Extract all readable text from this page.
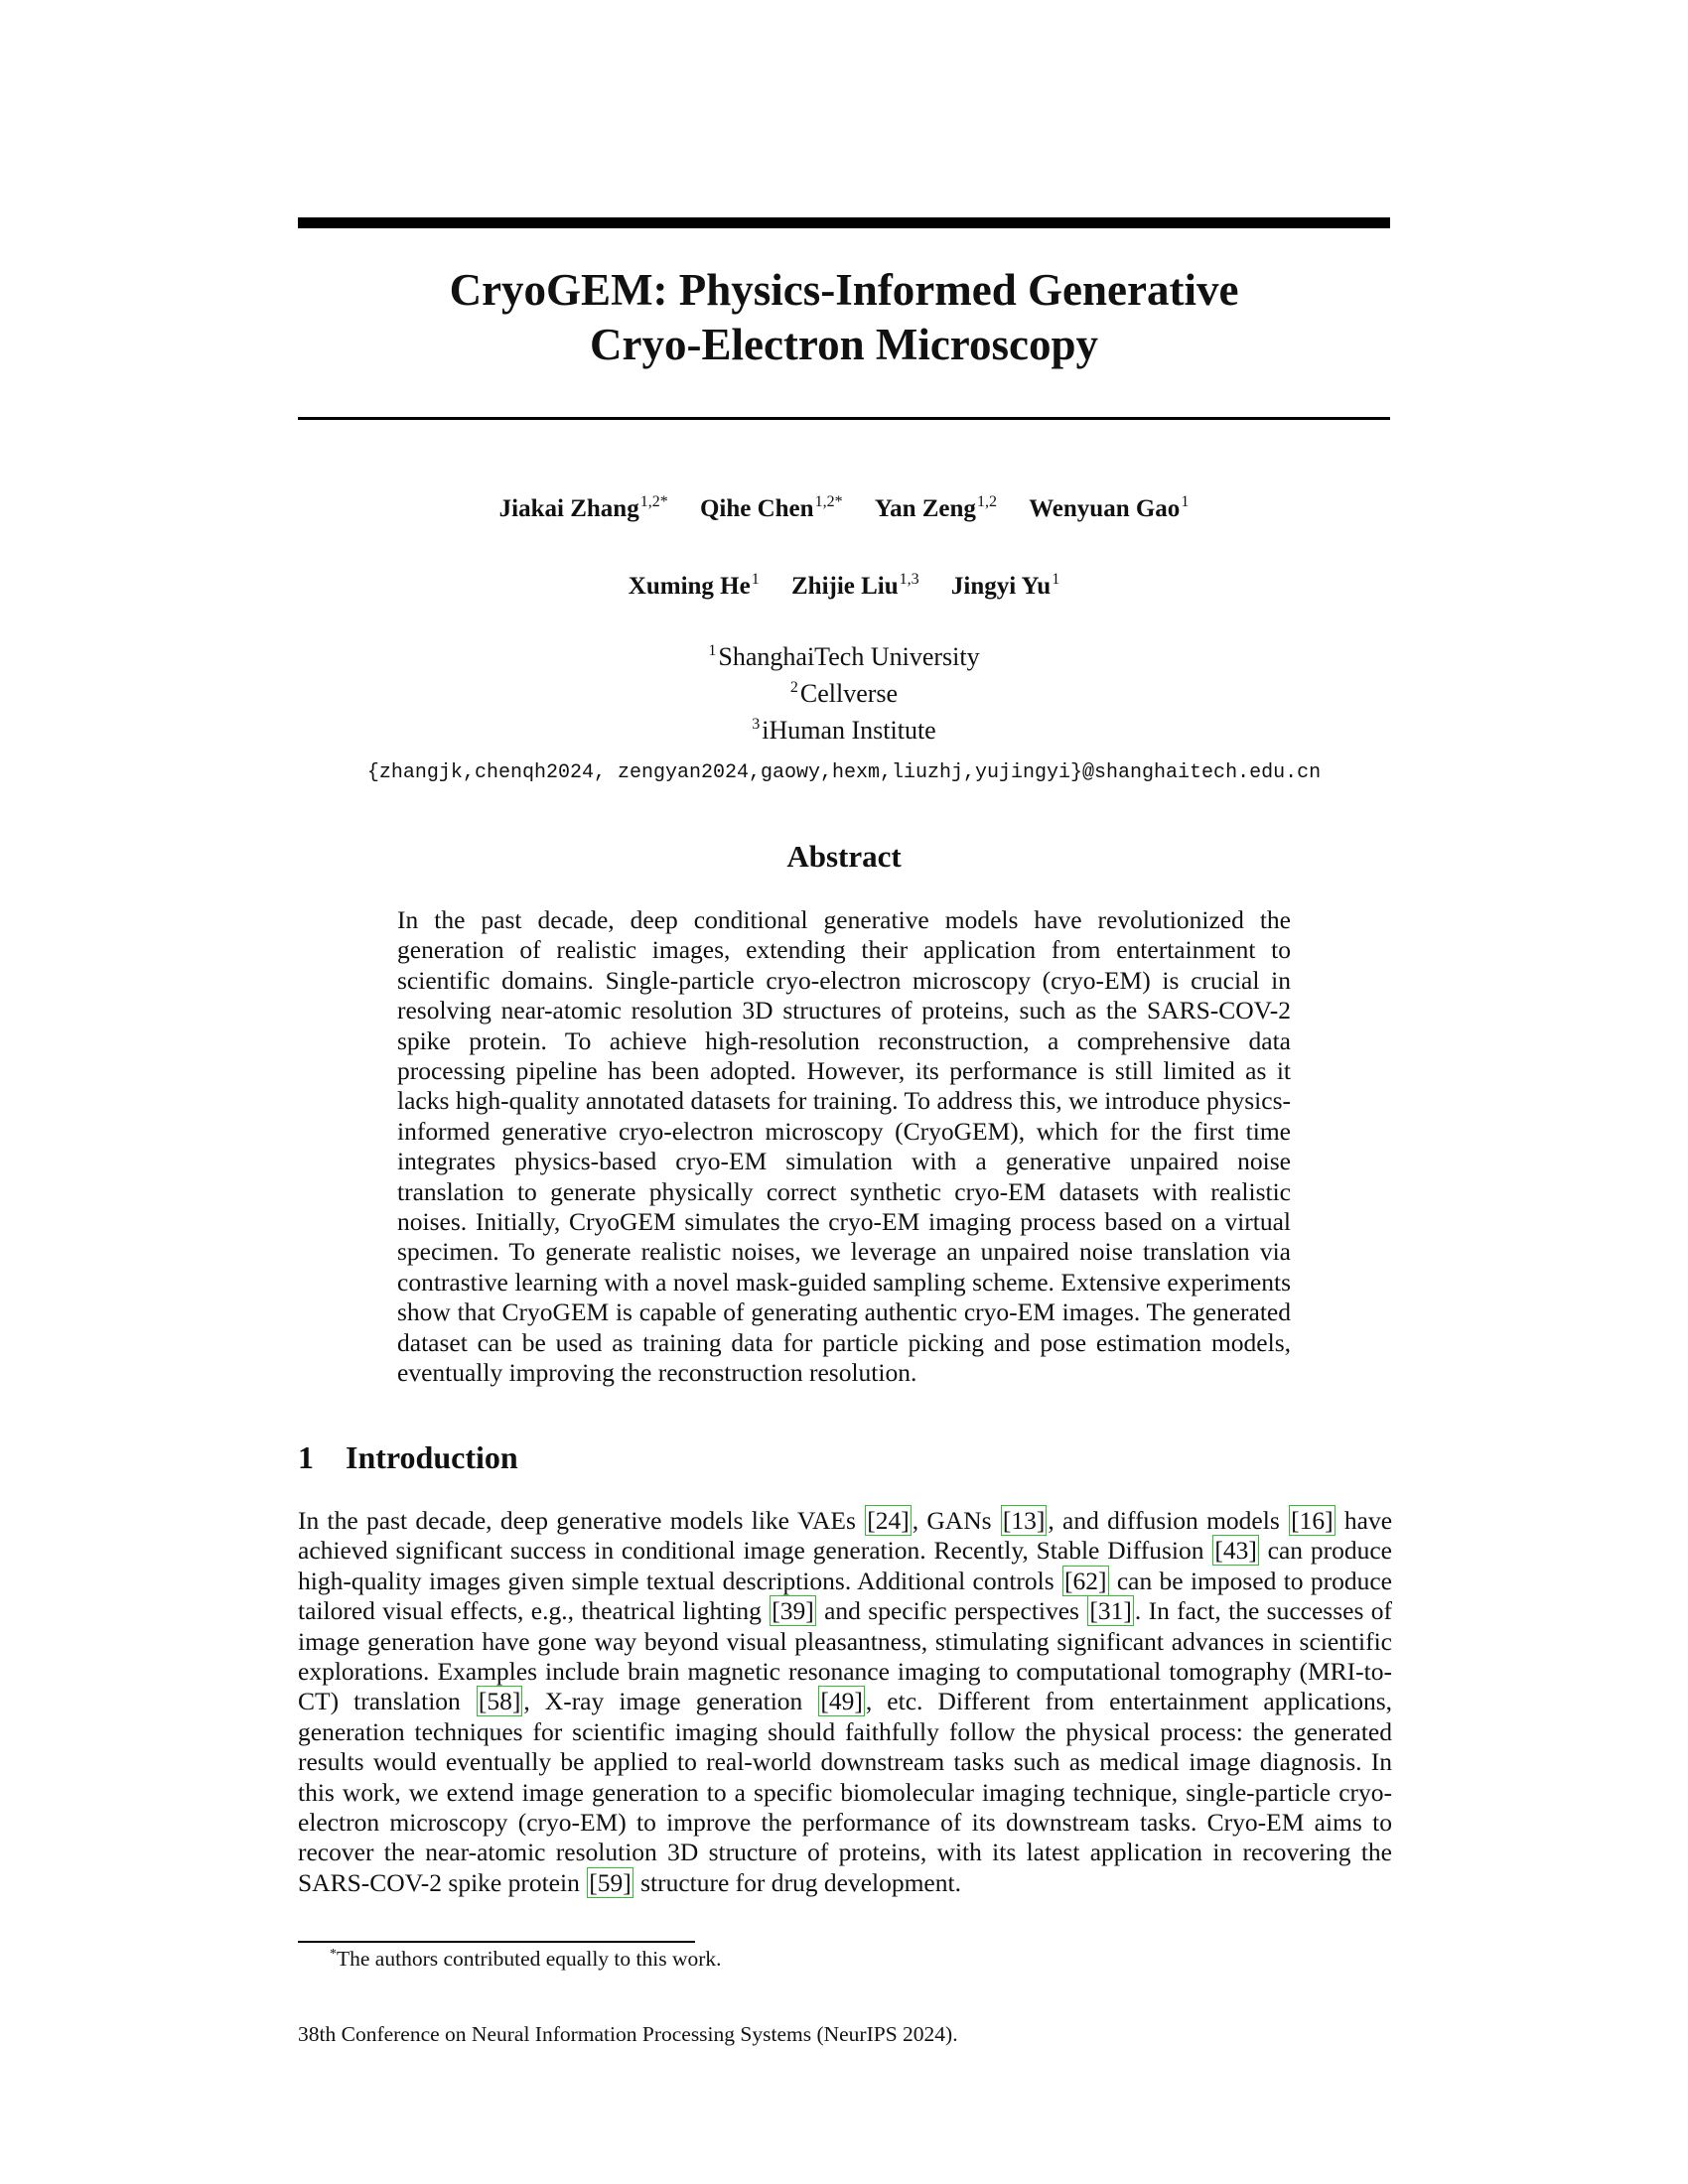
CryoGEM: Physics-Informed Generative
Cryo-Electron Microscopy
Jiakai Zhang$^{1,2*}$ Qihe Chen$^{1,2*}$ Yan Zeng$^{1,2}$ Wenyuan Gao$^1$
Xuming He$^1$ Zhijie Liu$^{1,3}$ Jingyi Yu$^1$
$^1$ShanghaiTech University
$^2$Cellverse
$^3$iHuman Institute
{zhangjk,chenqh2024, zengyan2024,gaowy,hexm,liuzhj,yujingyi}@shanghaitech.edu.cn
Abstract

In the past decade, deep conditional generative models have revolutionized the generation of realistic images, extending their application from entertainment to scientific domains. Single-particle cryo-electron microscopy (cryo-EM) is crucial in resolving near-atomic resolution 3D structures of proteins, such as the SARS-COV-2 spike protein. To achieve high-resolution reconstruction, a comprehensive data processing pipeline has been adopted. However, its performance is still limited as it lacks high-quality annotated datasets for training. To address this, we introduce physics-informed generative cryo-electron microscopy (CryoGEM), which for the first time integrates physics-based cryo-EM simulation with a generative unpaired noise translation to generate physically correct synthetic cryo-EM datasets with realistic noises. Initially, CryoGEM simulates the cryo-EM imaging process based on a virtual specimen. To generate realistic noises, we leverage an unpaired noise translation via contrastive learning with a novel mask-guided sampling scheme. Extensive experiments show that CryoGEM is capable of generating authentic cryo-EM images. The generated dataset can be used as training data for particle picking and pose estimation models, eventually improving the reconstruction resolution.

1 Introduction

In the past decade, deep generative models like VAEs [24] , GANs [13] , and diffusion models [16] have achieved significant success in conditional image generation. Recently, Stable Diffusion [43] can produce high-quality images given simple textual descriptions. Additional controls [62] can be imposed to produce tailored visual effects, e.g., theatrical lighting [39] and specific perspectives [31] . In fact, the successes of image generation have gone way beyond visual pleasantness, stimulating significant advances in scientific explorations. Examples include brain magnetic resonance imaging to computational tomography (MRI-to-CT) translation [58] , X-ray image generation [49] , etc. Different from entertainment applications, generation techniques for scientific imaging should faithfully follow the physical process: the generated results would eventually be applied to real-world downstream tasks such as medical image diagnosis. In this work, we extend image generation to a specific biomolecular imaging technique, single-particle cryo-electron microscopy (cryo-EM) to improve the performance of its downstream tasks. Cryo-EM aims to recover the near-atomic resolution 3D structure of proteins, with its latest application in recovering the SARS-COV-2 spike protein [59] structure for drug development.

*The authors contributed equally to this work.
38th Conference on Neural Information Processing Systems (NeurIPS 2024).
